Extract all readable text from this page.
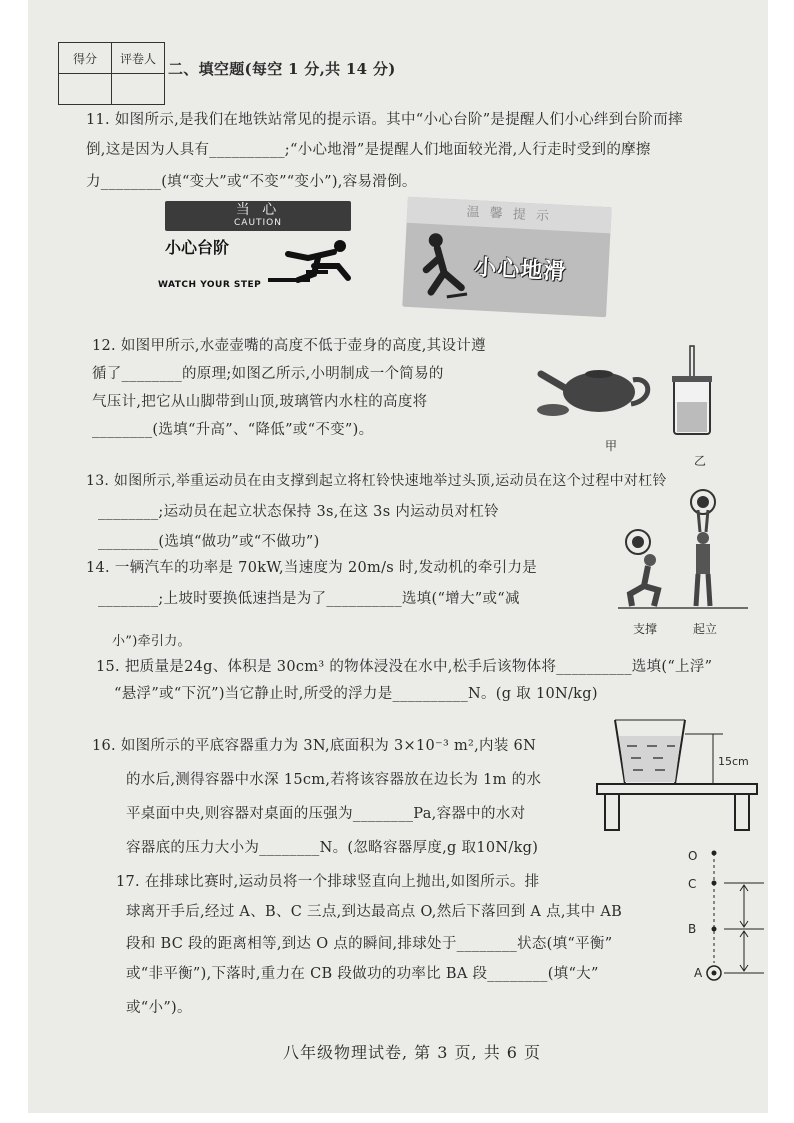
得分	评卷人

二、填空题(每空 1 分,共 14 分)
11. 如图所示,是我们在地铁站常见的提示语。其中“小心台阶”是提醒人们小心绊到台阶而摔
倒,这是因为人具有__________;“小心地滑”是提醒人们地面较光滑,人行走时受到的摩擦
力________(填“变大”或“不变”“变小”),容易滑倒。
当 心
CAUTION
小心台阶
WATCH YOUR STEP
温 馨 提 示
小心地滑
12. 如图甲所示,水壶壶嘴的高度不低于壶身的高度,其设计遵
循了________的原理;如图乙所示,小明制成一个简易的
气压计,把它从山脚带到山顶,玻璃管内水柱的高度将
________(选填“升高”、“降低”或“不变”)。
甲
乙
13. 如图所示,举重运动员在由支撑到起立将杠铃快速地举过头顶,运动员在这个过程中对杠铃
________;运动员在起立状态保持 3s,在这 3s 内运动员对杠铃
________(选填“做功”或“不做功”)
支撑	起立
14. 一辆汽车的功率是 70kW,当速度为 20m/s 时,发动机的牵引力是
________;上坡时要换低速挡是为了__________选填(“增大”或“减
小”)牵引力。
15. 把质量是24g、体积是 30cm³ 的物体浸没在水中,松手后该物体将__________选填(“上浮”
“悬浮”或“下沉”)当它静止时,所受的浮力是__________N。(g 取 10N/kg)
16. 如图所示的平底容器重力为 3N,底面积为 3×10⁻³ m²,内装 6N
的水后,测得容器中水深 15cm,若将该容器放在边长为 1m 的水
平桌面中央,则容器对桌面的压强为________Pa,容器中的水对
容器底的压力大小为________N。(忽略容器厚度,g 取10N/kg)
15cm
17. 在排球比赛时,运动员将一个排球竖直向上抛出,如图所示。排
球离开手后,经过 A、B、C 三点,到达最高点 O,然后下落回到 A 点,其中 AB
段和 BC 段的距离相等,到达 O 点的瞬间,排球处于________状态(填“平衡”
或“非平衡”),下落时,重力在 CB 段做功的功率比 BA 段________(填“大”
或“小”)。
O
C
B
A
八年级物理试卷, 第 3 页, 共 6 页
